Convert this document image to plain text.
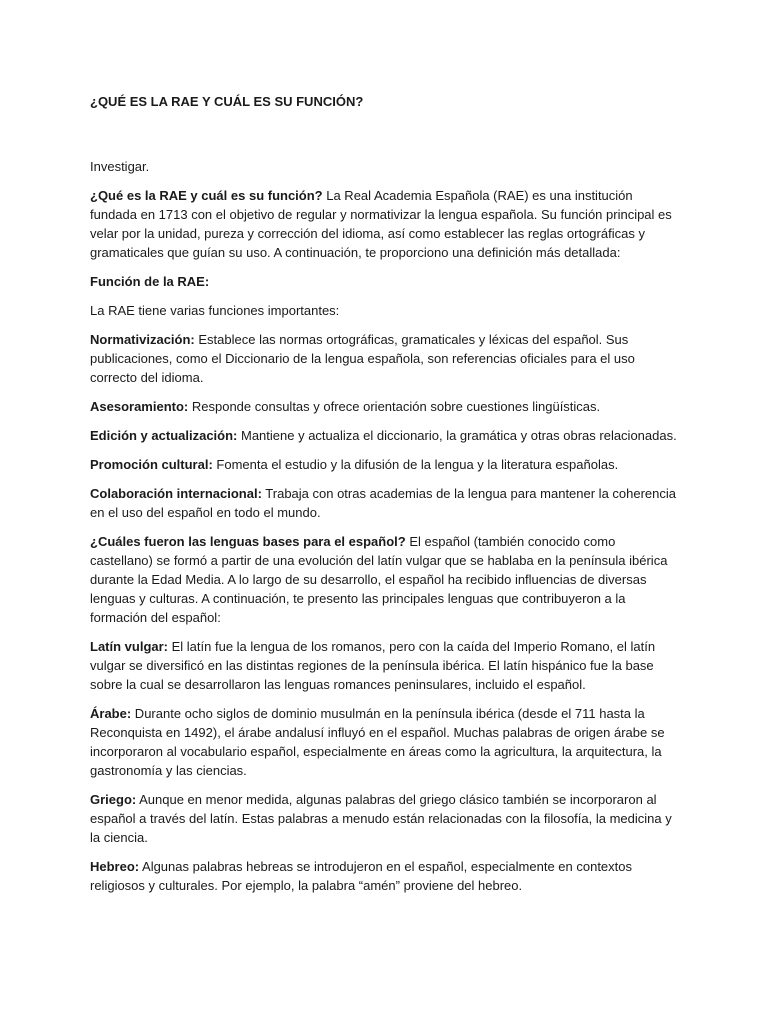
¿QUÉ ES LA RAE Y CUÁL ES SU FUNCIÓN?

Investigar.

¿Qué es la RAE y cuál es su función? La Real Academia Española (RAE) es una institución fundada en 1713 con el objetivo de regular y normativizar la lengua española. Su función principal es velar por la unidad, pureza y corrección del idioma, así como establecer las reglas ortográficas y gramaticales que guían su uso. A continuación, te proporciono una definición más detallada:

Función de la RAE:

La RAE tiene varias funciones importantes:

Normativización: Establece las normas ortográficas, gramaticales y léxicas del español. Sus publicaciones, como el Diccionario de la lengua española, son referencias oficiales para el uso correcto del idioma.

Asesoramiento: Responde consultas y ofrece orientación sobre cuestiones lingüísticas.

Edición y actualización: Mantiene y actualiza el diccionario, la gramática y otras obras relacionadas.

Promoción cultural: Fomenta el estudio y la difusión de la lengua y la literatura españolas.

Colaboración internacional: Trabaja con otras academias de la lengua para mantener la coherencia en el uso del español en todo el mundo.

¿Cuáles fueron las lenguas bases para el español? El español (también conocido como castellano) se formó a partir de una evolución del latín vulgar que se hablaba en la península ibérica durante la Edad Media. A lo largo de su desarrollo, el español ha recibido influencias de diversas lenguas y culturas. A continuación, te presento las principales lenguas que contribuyeron a la formación del español:

Latín vulgar: El latín fue la lengua de los romanos, pero con la caída del Imperio Romano, el latín vulgar se diversificó en las distintas regiones de la península ibérica. El latín hispánico fue la base sobre la cual se desarrollaron las lenguas romances peninsulares, incluido el español.

Árabe: Durante ocho siglos de dominio musulmán en la península ibérica (desde el 711 hasta la Reconquista en 1492), el árabe andalusí influyó en el español. Muchas palabras de origen árabe se incorporaron al vocabulario español, especialmente en áreas como la agricultura, la arquitectura, la gastronomía y las ciencias.

Griego: Aunque en menor medida, algunas palabras del griego clásico también se incorporaron al español a través del latín. Estas palabras a menudo están relacionadas con la filosofía, la medicina y la ciencia.

Hebreo: Algunas palabras hebreas se introdujeron en el español, especialmente en contextos religiosos y culturales. Por ejemplo, la palabra “amén” proviene del hebreo.
